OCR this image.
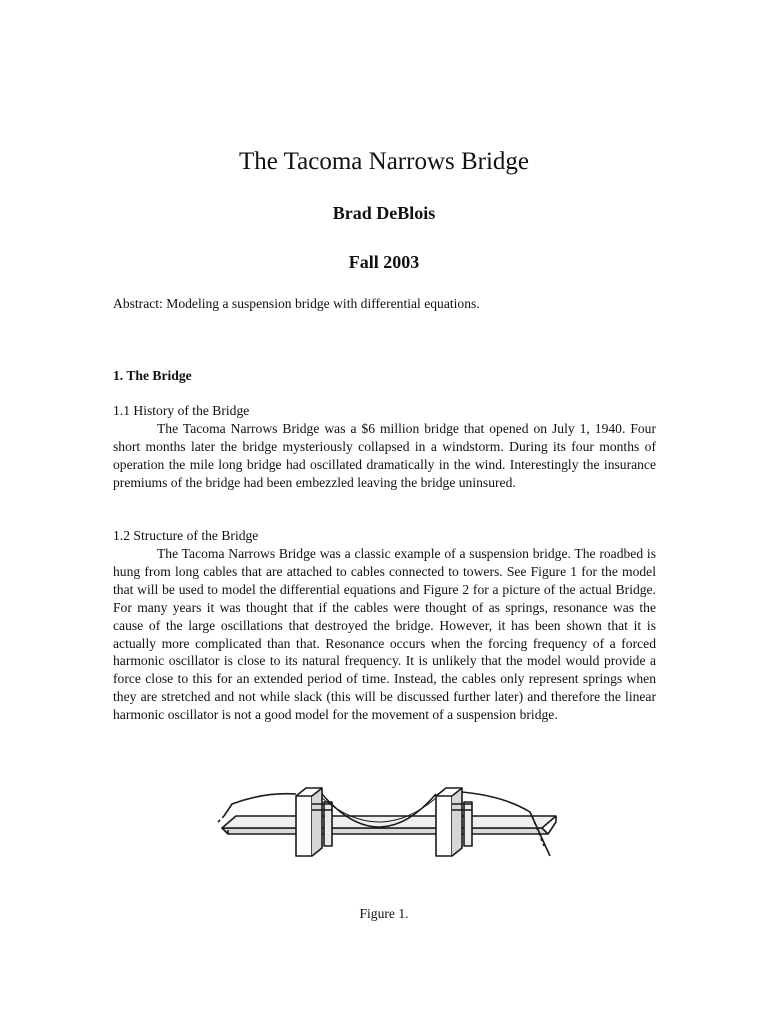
The Tacoma Narrows Bridge
Brad DeBlois
Fall 2003
Abstract: Modeling a suspension bridge with differential equations.
1. The Bridge
1.1 History of the Bridge

The Tacoma Narrows Bridge was a $6 million bridge that opened on July 1, 1940. Four short months later the bridge mysteriously collapsed in a windstorm. During its four months of operation the mile long bridge had oscillated dramatically in the wind. Interestingly the insurance premiums of the bridge had been embezzled leaving the bridge uninsured.

1.2 Structure of the Bridge

The Tacoma Narrows Bridge was a classic example of a suspension bridge. The roadbed is hung from long cables that are attached to cables connected to towers. See Figure 1 for the model that will be used to model the differential equations and Figure 2 for a picture of the actual Bridge. For many years it was thought that if the cables were thought of as springs, resonance was the cause of the large oscillations that destroyed the bridge. However, it has been shown that it is actually more complicated than that. Resonance occurs when the forcing frequency of a forced harmonic oscillator is close to its natural frequency. It is unlikely that the model would provide a force close to this for an extended period of time. Instead, the cables only represent springs when they are stretched and not while slack (this will be discussed further later) and therefore the linear harmonic oscillator is not a good model for the movement of a suspension bridge.

Figure 1.
